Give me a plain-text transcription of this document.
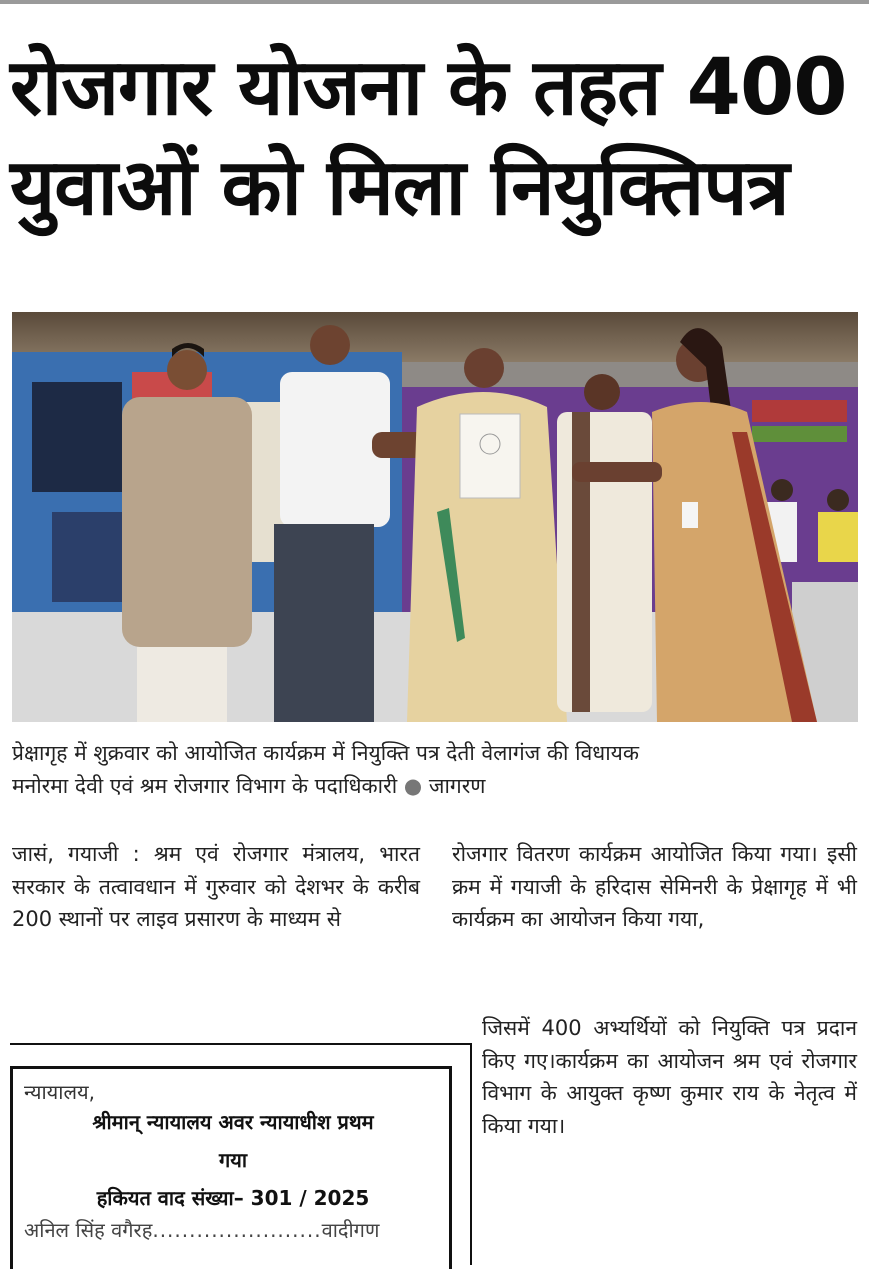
रोजगार योजना के तहत 400
युवाओं को मिला नियुक्तिपत्र
प्रेक्षागृह में शुक्रवार को आयोजित कार्यक्रम में नियुक्ति पत्र देती वेलागंज की विधायक
मनोरमा देवी एवं श्रम रोजगार विभाग के पदाधिकारी ● जागरण

जासं, गयाजी : श्रम एवं रोजगार मंत्रालय, भारत सरकार के तत्वावधान में गुरुवार को देशभर के करीब 200 स्थानों पर लाइव प्रसारण के माध्यम से

रोजगार वितरण कार्यक्रम आयोजित किया गया। इसी क्रम में गयाजी के हरिदास सेमिनरी के प्रेक्षागृह में भी कार्यक्रम का आयोजन किया गया,

जिसमें 400 अभ्यर्थियों को नियुक्ति पत्र प्रदान किए गए।कार्यक्रम का आयोजन श्रम एवं रोजगार विभाग के आयुक्त कृष्ण कुमार राय के नेतृत्व में किया गया।

न्यायालय,
श्रीमान् न्यायालय अवर न्यायाधीश प्रथम
गया
हकियत वाद संख्या– 301 / 2025
अनिल सिंह वगैरह.......................वादीगण
